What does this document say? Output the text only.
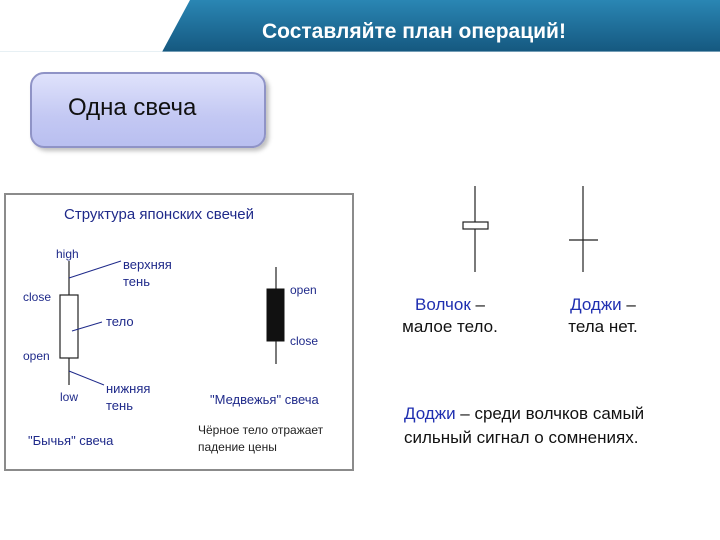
Составляйте план операций!
Одна свеча
Структура японских свечей
high
close
open
low
верхняя
тень
тело
нижняя
тень
"Бычья" свеча
open
close
"Медвежья" свеча
Чёрное тело отражает
падение цены
Волчок –
малое тело.
Доджи –
тела нет.
Доджи – среди волчков самый
сильный сигнал о сомнениях.
